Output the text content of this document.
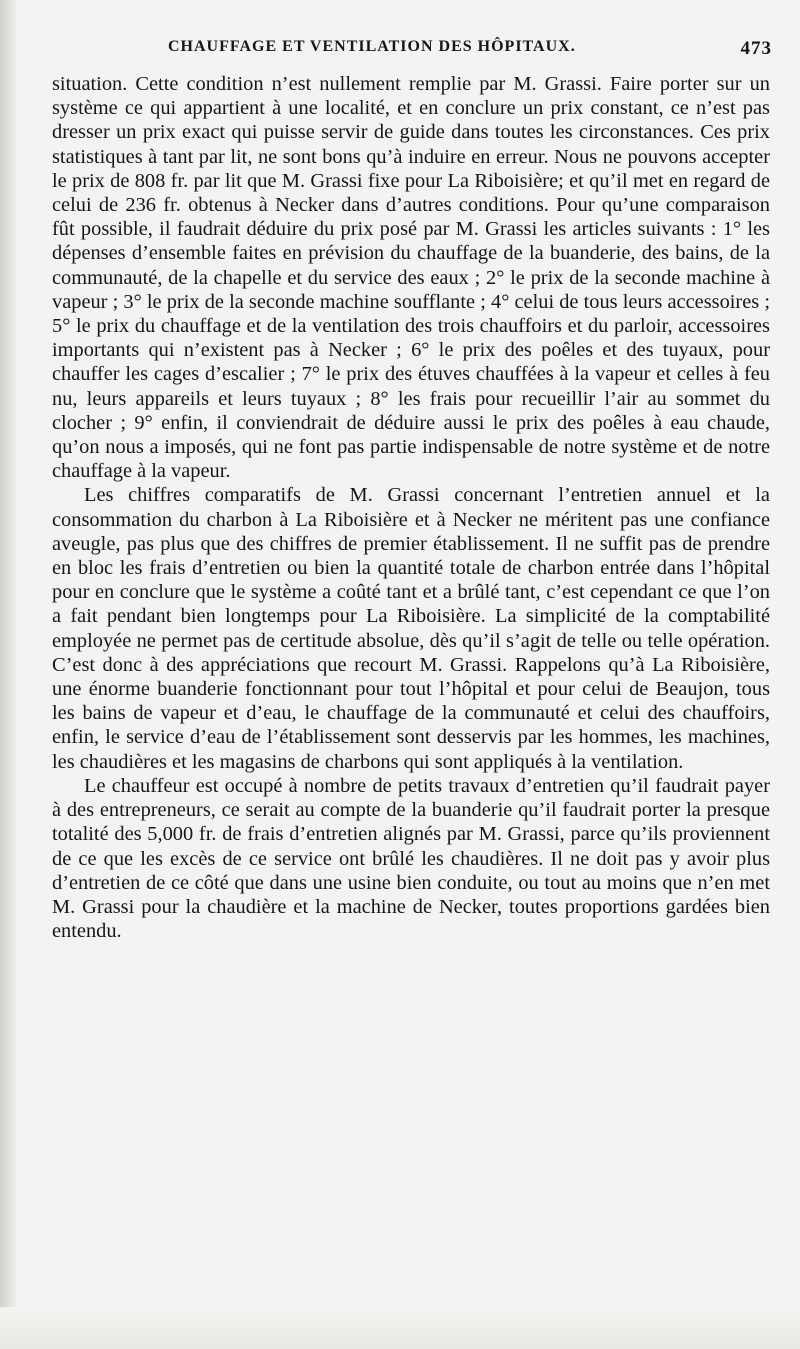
CHAUFFAGE ET VENTILATION DES HÔPITAUX.	473

situation. Cette condition n’est nullement remplie par M. Grassi. Faire porter sur un système ce qui appartient à une localité, et en conclure un prix constant, ce n’est pas dresser un prix exact qui puisse servir de guide dans toutes les circonstances. Ces prix statistiques à tant par lit, ne sont bons qu’à induire en erreur. Nous ne pouvons accepter le prix de 808 fr. par lit que M. Grassi fixe pour La Riboisière; et qu’il met en regard de celui de 236 fr. obtenus à Necker dans d’autres conditions. Pour qu’une comparaison fût possible, il faudrait déduire du prix posé par M. Grassi les articles suivants : 1° les dépenses d’ensemble faites en prévision du chauffage de la buanderie, des bains, de la communauté, de la chapelle et du service des eaux ; 2° le prix de la seconde machine à vapeur ; 3° le prix de la seconde machine soufflante ; 4° celui de tous leurs accessoires ; 5° le prix du chauffage et de la ventilation des trois chauffoirs et du parloir, accessoires importants qui n’existent pas à Necker ; 6° le prix des poêles et des tuyaux, pour chauffer les cages d’escalier ; 7° le prix des étuves chauffées à la vapeur et celles à feu nu, leurs appareils et leurs tuyaux ; 8° les frais pour recueillir l’air au sommet du clocher ; 9° enfin, il conviendrait de déduire aussi le prix des poêles à eau chaude, qu’on nous a imposés, qui ne font pas partie indispensable de notre système et de notre chauffage à la vapeur.

Les chiffres comparatifs de M. Grassi concernant l’entretien annuel et la consommation du charbon à La Riboisière et à Necker ne méritent pas une confiance aveugle, pas plus que des chiffres de premier établissement. Il ne suffit pas de prendre en bloc les frais d’entretien ou bien la quantité totale de charbon entrée dans l’hôpital pour en conclure que le système a coûté tant et a brûlé tant, c’est cependant ce que l’on a fait pendant bien longtemps pour La Riboisière. La simplicité de la comptabilité employée ne permet pas de certitude absolue, dès qu’il s’agit de telle ou telle opération. C’est donc à des appréciations que recourt M. Grassi. Rappelons qu’à La Riboisière, une énorme buanderie fonctionnant pour tout l’hôpital et pour celui de Beaujon, tous les bains de vapeur et d’eau, le chauffage de la communauté et celui des chauffoirs, enfin, le service d’eau de l’établissement sont desservis par les hommes, les machines, les chaudières et les magasins de charbons qui sont appliqués à la ventilation.

Le chauffeur est occupé à nombre de petits travaux d’entretien qu’il faudrait payer à des entrepreneurs, ce serait au compte de la buanderie qu’il faudrait porter la presque totalité des 5,000 fr. de frais d’entretien alignés par M. Grassi, parce qu’ils proviennent de ce que les excès de ce service ont brûlé les chaudières. Il ne doit pas y avoir plus d’entretien de ce côté que dans une usine bien conduite, ou tout au moins que n’en met M. Grassi pour la chaudière et la machine de Necker, toutes proportions gardées bien entendu.
